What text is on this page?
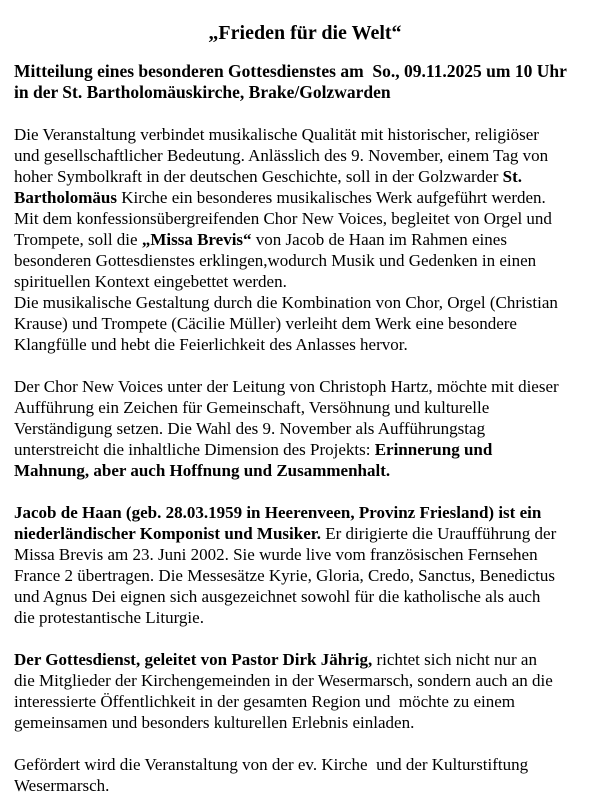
„Frieden für die Welt“
Mitteilung eines besonderen Gottesdienstes am  So., 09.11.2025 um 10 Uhr
in der St. Bartholomäuskirche, Brake/Golzwarden
Die Veranstaltung verbindet musikalische Qualität mit historischer, religiöser
und gesellschaftlicher Bedeutung. Anlässlich des 9. November, einem Tag von
hoher Symbolkraft in der deutschen Geschichte, soll in der Golzwarder St.
Bartholomäus Kirche ein besonderes musikalisches Werk aufgeführt werden.
Mit dem konfessionsübergreifenden Chor New Voices, begleitet von Orgel und
Trompete, soll die „Missa Brevis“ von Jacob de Haan im Rahmen eines
besonderen Gottesdienstes erklingen,wodurch Musik und Gedenken in einen
spirituellen Kontext eingebettet werden.
Die musikalische Gestaltung durch die Kombination von Chor, Orgel (Christian
Krause) und Trompete (Cäcilie Müller) verleiht dem Werk eine besondere
Klangfülle und hebt die Feierlichkeit des Anlasses hervor.
Der Chor New Voices unter der Leitung von Christoph Hartz, möchte mit dieser
Aufführung ein Zeichen für Gemeinschaft, Versöhnung und kulturelle
Verständigung setzen. Die Wahl des 9. November als Aufführungstag
unterstreicht die inhaltliche Dimension des Projekts: Erinnerung und
Mahnung, aber auch Hoffnung und Zusammenhalt.
Jacob de Haan (geb. 28.03.1959 in Heerenveen, Provinz Friesland) ist ein
niederländischer Komponist und Musiker. Er dirigierte die Uraufführung der
Missa Brevis am 23. Juni 2002. Sie wurde live vom französischen Fernsehen
France 2 übertragen. Die Messesätze Kyrie, Gloria, Credo, Sanctus, Benedictus
und Agnus Dei eignen sich ausgezeichnet sowohl für die katholische als auch
die protestantische Liturgie.
Der Gottesdienst, geleitet von Pastor Dirk Jährig, richtet sich nicht nur an
die Mitglieder der Kirchengemeinden in der Wesermarsch, sondern auch an die
interessierte Öffentlichkeit in der gesamten Region und  möchte zu einem
gemeinsamen und besonders kulturellen Erlebnis einladen.
Gefördert wird die Veranstaltung von der ev. Kirche  und der Kulturstiftung
Wesermarsch.
